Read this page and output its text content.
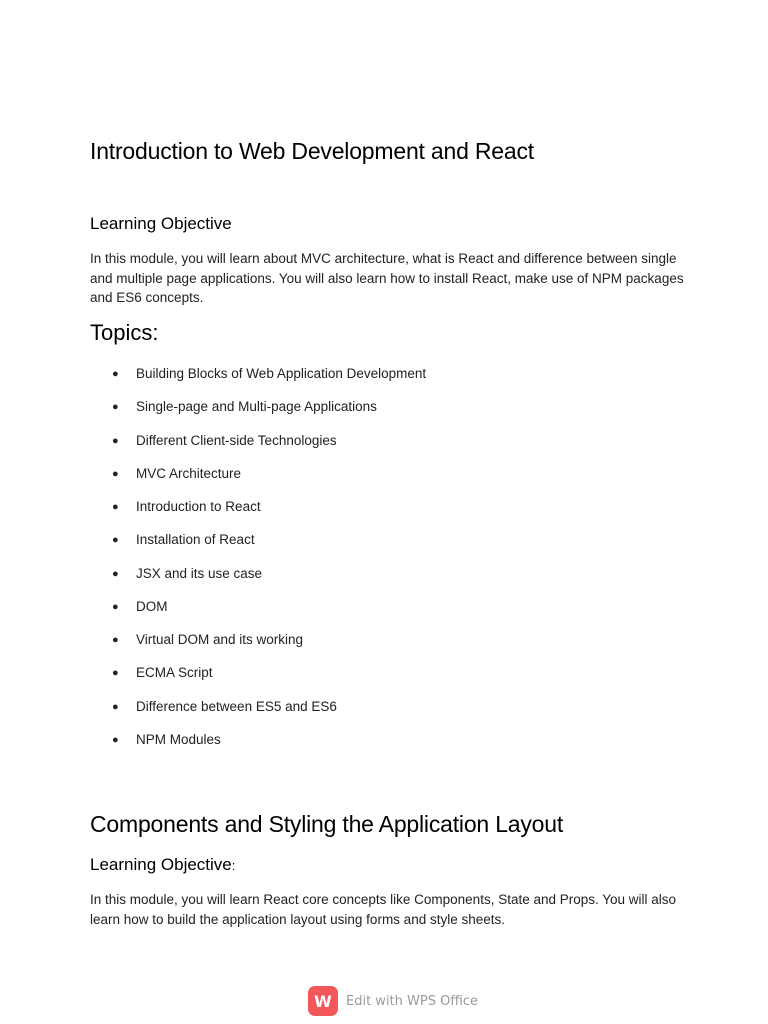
Introduction to Web Development and React
Learning Objective

In this module, you will learn about MVC architecture, what is React and difference between single and multiple page applications. You will also learn how to install React, make use of NPM packages and ES6 concepts.

Topics:
● Building Blocks of Web Application Development
● Single-page and Multi-page Applications
● Different Client-side Technologies
● MVC Architecture
● Introduction to React
● Installation of React
● JSX and its use case
● DOM
● Virtual DOM and its working
● ECMA Script
● Difference between ES5 and ES6
● NPM Modules
Components and Styling the Application Layout
Learning Objective:

In this module, you will learn React core concepts like Components, State and Props. You will also learn how to build the application layout using forms and style sheets.

W	Edit with WPS Office
